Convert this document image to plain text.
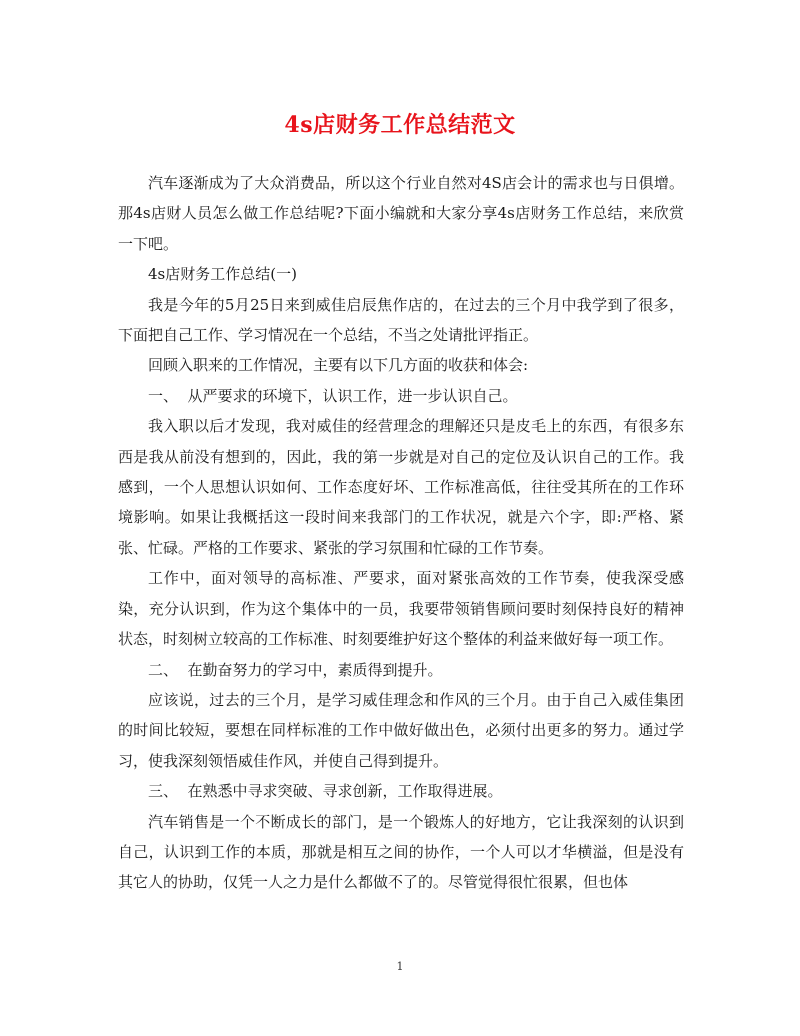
4s店财务工作总结范文

汽车逐渐成为了大众消费品，所以这个行业自然对4S店会计的需求也与日俱增。那4s店财人员怎么做工作总结呢?下面小编就和大家分享4s店财务工作总结，来欣赏一下吧。

4s店财务工作总结(一)

我是今年的5月25日来到威佳启辰焦作店的，在过去的三个月中我学到了很多，下面把自己工作、学习情况在一个总结，不当之处请批评指正。

回顾入职来的工作情况，主要有以下几方面的收获和体会:

一、  从严要求的环境下，认识工作，进一步认识自己。

我入职以后才发现，我对威佳的经营理念的理解还只是皮毛上的东西，有很多东西是我从前没有想到的，因此，我的第一步就是对自己的定位及认识自己的工作。我感到，一个人思想认识如何、工作态度好坏、工作标准高低，往往受其所在的工作环境影响。如果让我概括这一段时间来我部门的工作状况，就是六个字，即:严格、紧张、忙碌。严格的工作要求、紧张的学习氛围和忙碌的工作节奏。

工作中，面对领导的高标准、严要求，面对紧张高效的工作节奏，使我深受感染，充分认识到，作为这个集体中的一员，我要带领销售顾问要时刻保持良好的精神状态，时刻树立较高的工作标准、时刻要维护好这个整体的利益来做好每一项工作。

二、  在勤奋努力的学习中，素质得到提升。

应该说，过去的三个月，是学习威佳理念和作风的三个月。由于自己入威佳集团的时间比较短，要想在同样标准的工作中做好做出色，必须付出更多的努力。通过学习，使我深刻领悟威佳作风，并使自己得到提升。

三、  在熟悉中寻求突破、寻求创新，工作取得进展。

汽车销售是一个不断成长的部门，是一个锻炼人的好地方，它让我深刻的认识到自己，认识到工作的本质，那就是相互之间的协作，一个人可以才华横溢，但是没有其它人的协助，仅凭一人之力是什么都做不了的。尽管觉得很忙很累，但也体

1
